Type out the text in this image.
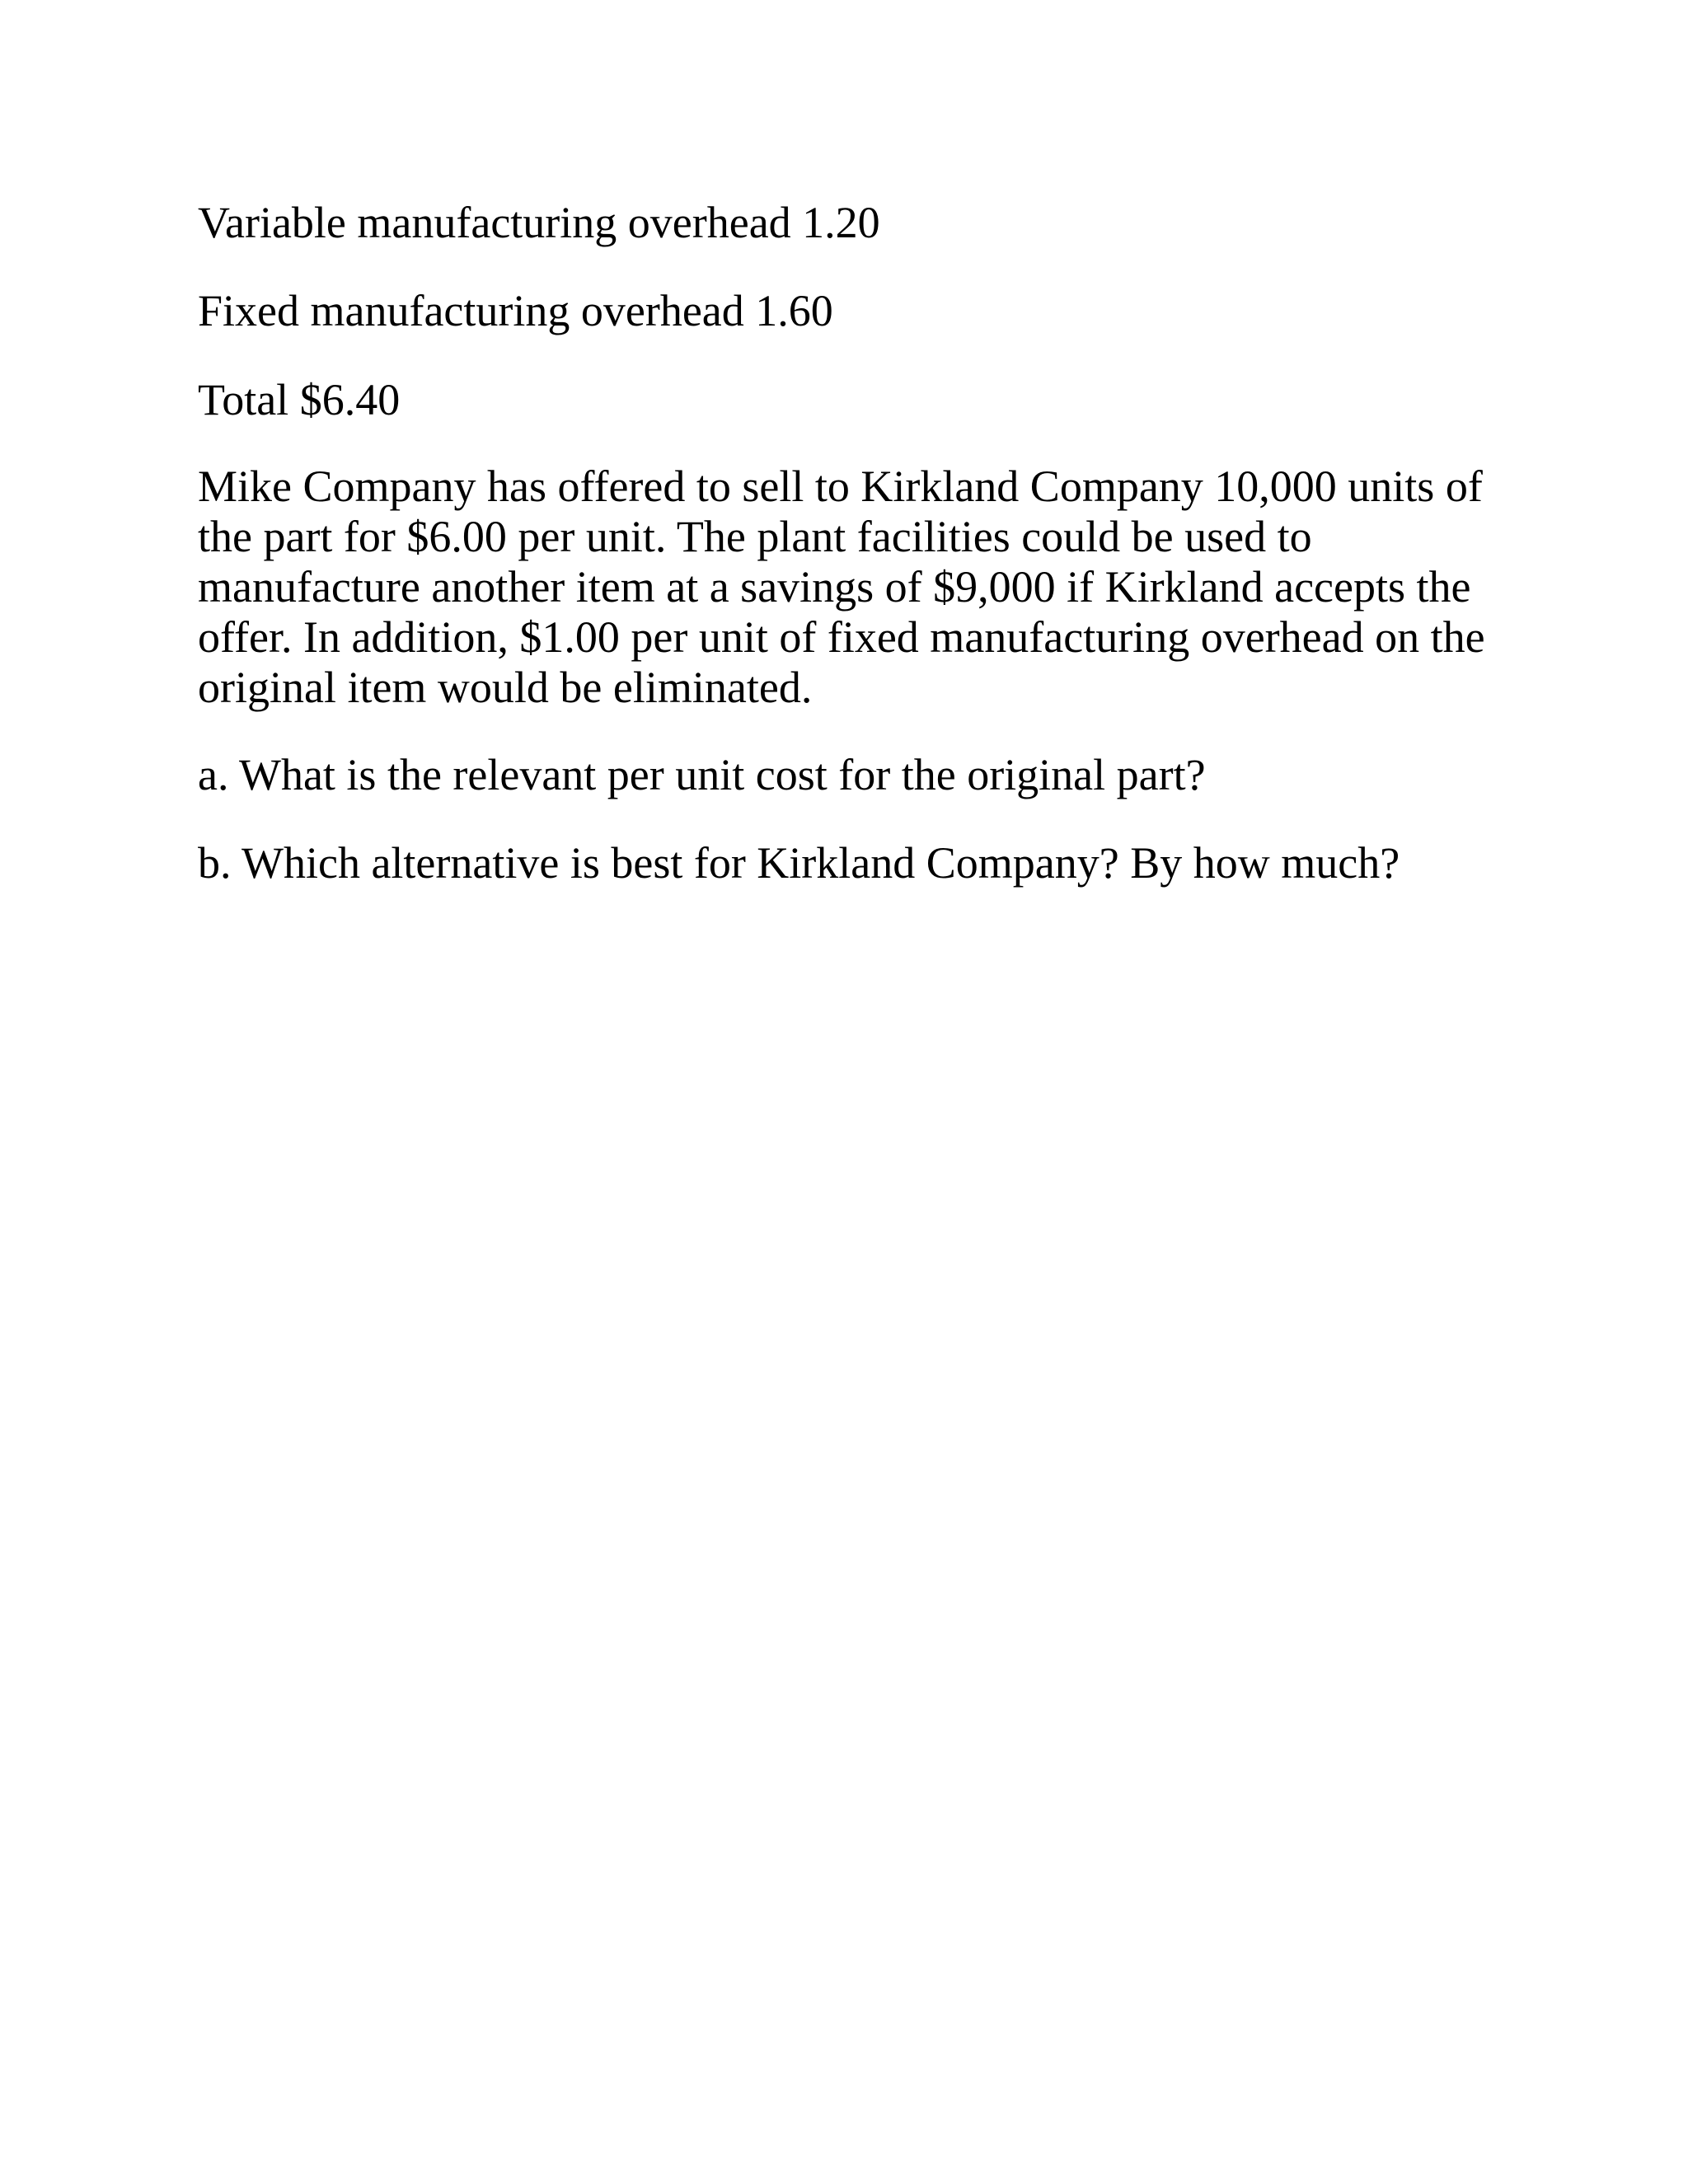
Variable manufacturing overhead 1.20

Fixed manufacturing overhead 1.60

Total $6.40

Mike Company has offered to sell to Kirkland Company 10,000 units of the part for $6.00 per unit. The plant facilities could be used to manufacture another item at a savings of $9,000 if Kirkland accepts the offer. In addition, $1.00 per unit of fixed manufacturing overhead on the original item would be eliminated.

a. What is the relevant per unit cost for the original part?

b. Which alternative is best for Kirkland Company? By how much?
